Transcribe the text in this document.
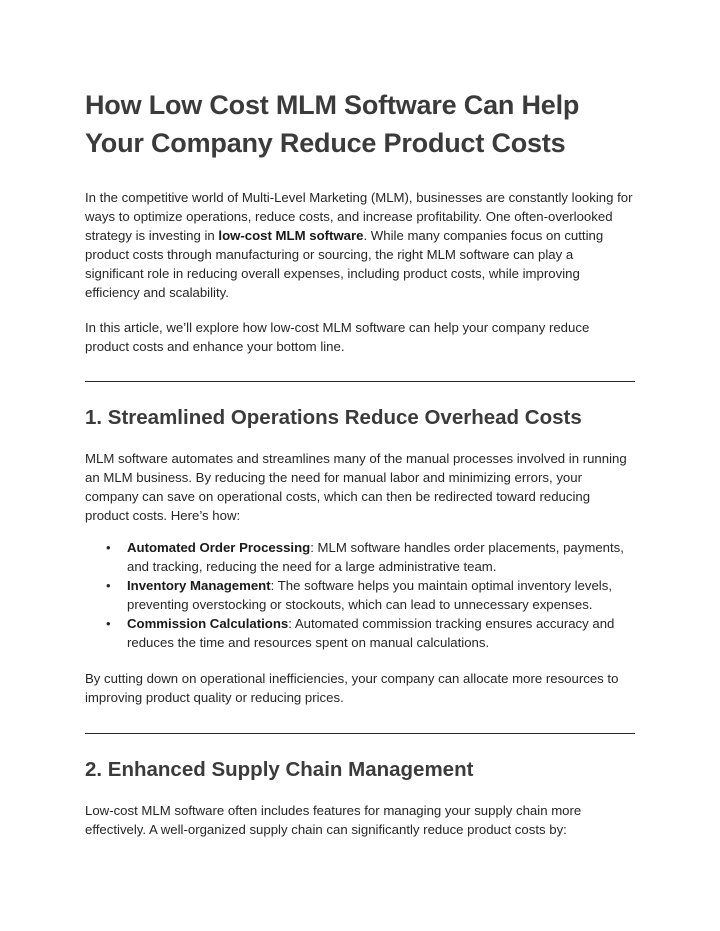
How Low Cost MLM Software Can Help Your Company Reduce Product Costs

In the competitive world of Multi-Level Marketing (MLM), businesses are constantly looking for ways to optimize operations, reduce costs, and increase profitability. One often-overlooked strategy is investing in low-cost MLM software. While many companies focus on cutting product costs through manufacturing or sourcing, the right MLM software can play a significant role in reducing overall expenses, including product costs, while improving efficiency and scalability.

In this article, we’ll explore how low-cost MLM software can help your company reduce product costs and enhance your bottom line.

1. Streamlined Operations Reduce Overhead Costs

MLM software automates and streamlines many of the manual processes involved in running an MLM business. By reducing the need for manual labor and minimizing errors, your company can save on operational costs, which can then be redirected toward reducing product costs. Here’s how:

• Automated Order Processing: MLM software handles order placements, payments, and tracking, reducing the need for a large administrative team.
• Inventory Management: The software helps you maintain optimal inventory levels, preventing overstocking or stockouts, which can lead to unnecessary expenses.
• Commission Calculations: Automated commission tracking ensures accuracy and reduces the time and resources spent on manual calculations.

By cutting down on operational inefficiencies, your company can allocate more resources to improving product quality or reducing prices.

2. Enhanced Supply Chain Management

Low-cost MLM software often includes features for managing your supply chain more effectively. A well-organized supply chain can significantly reduce product costs by:
